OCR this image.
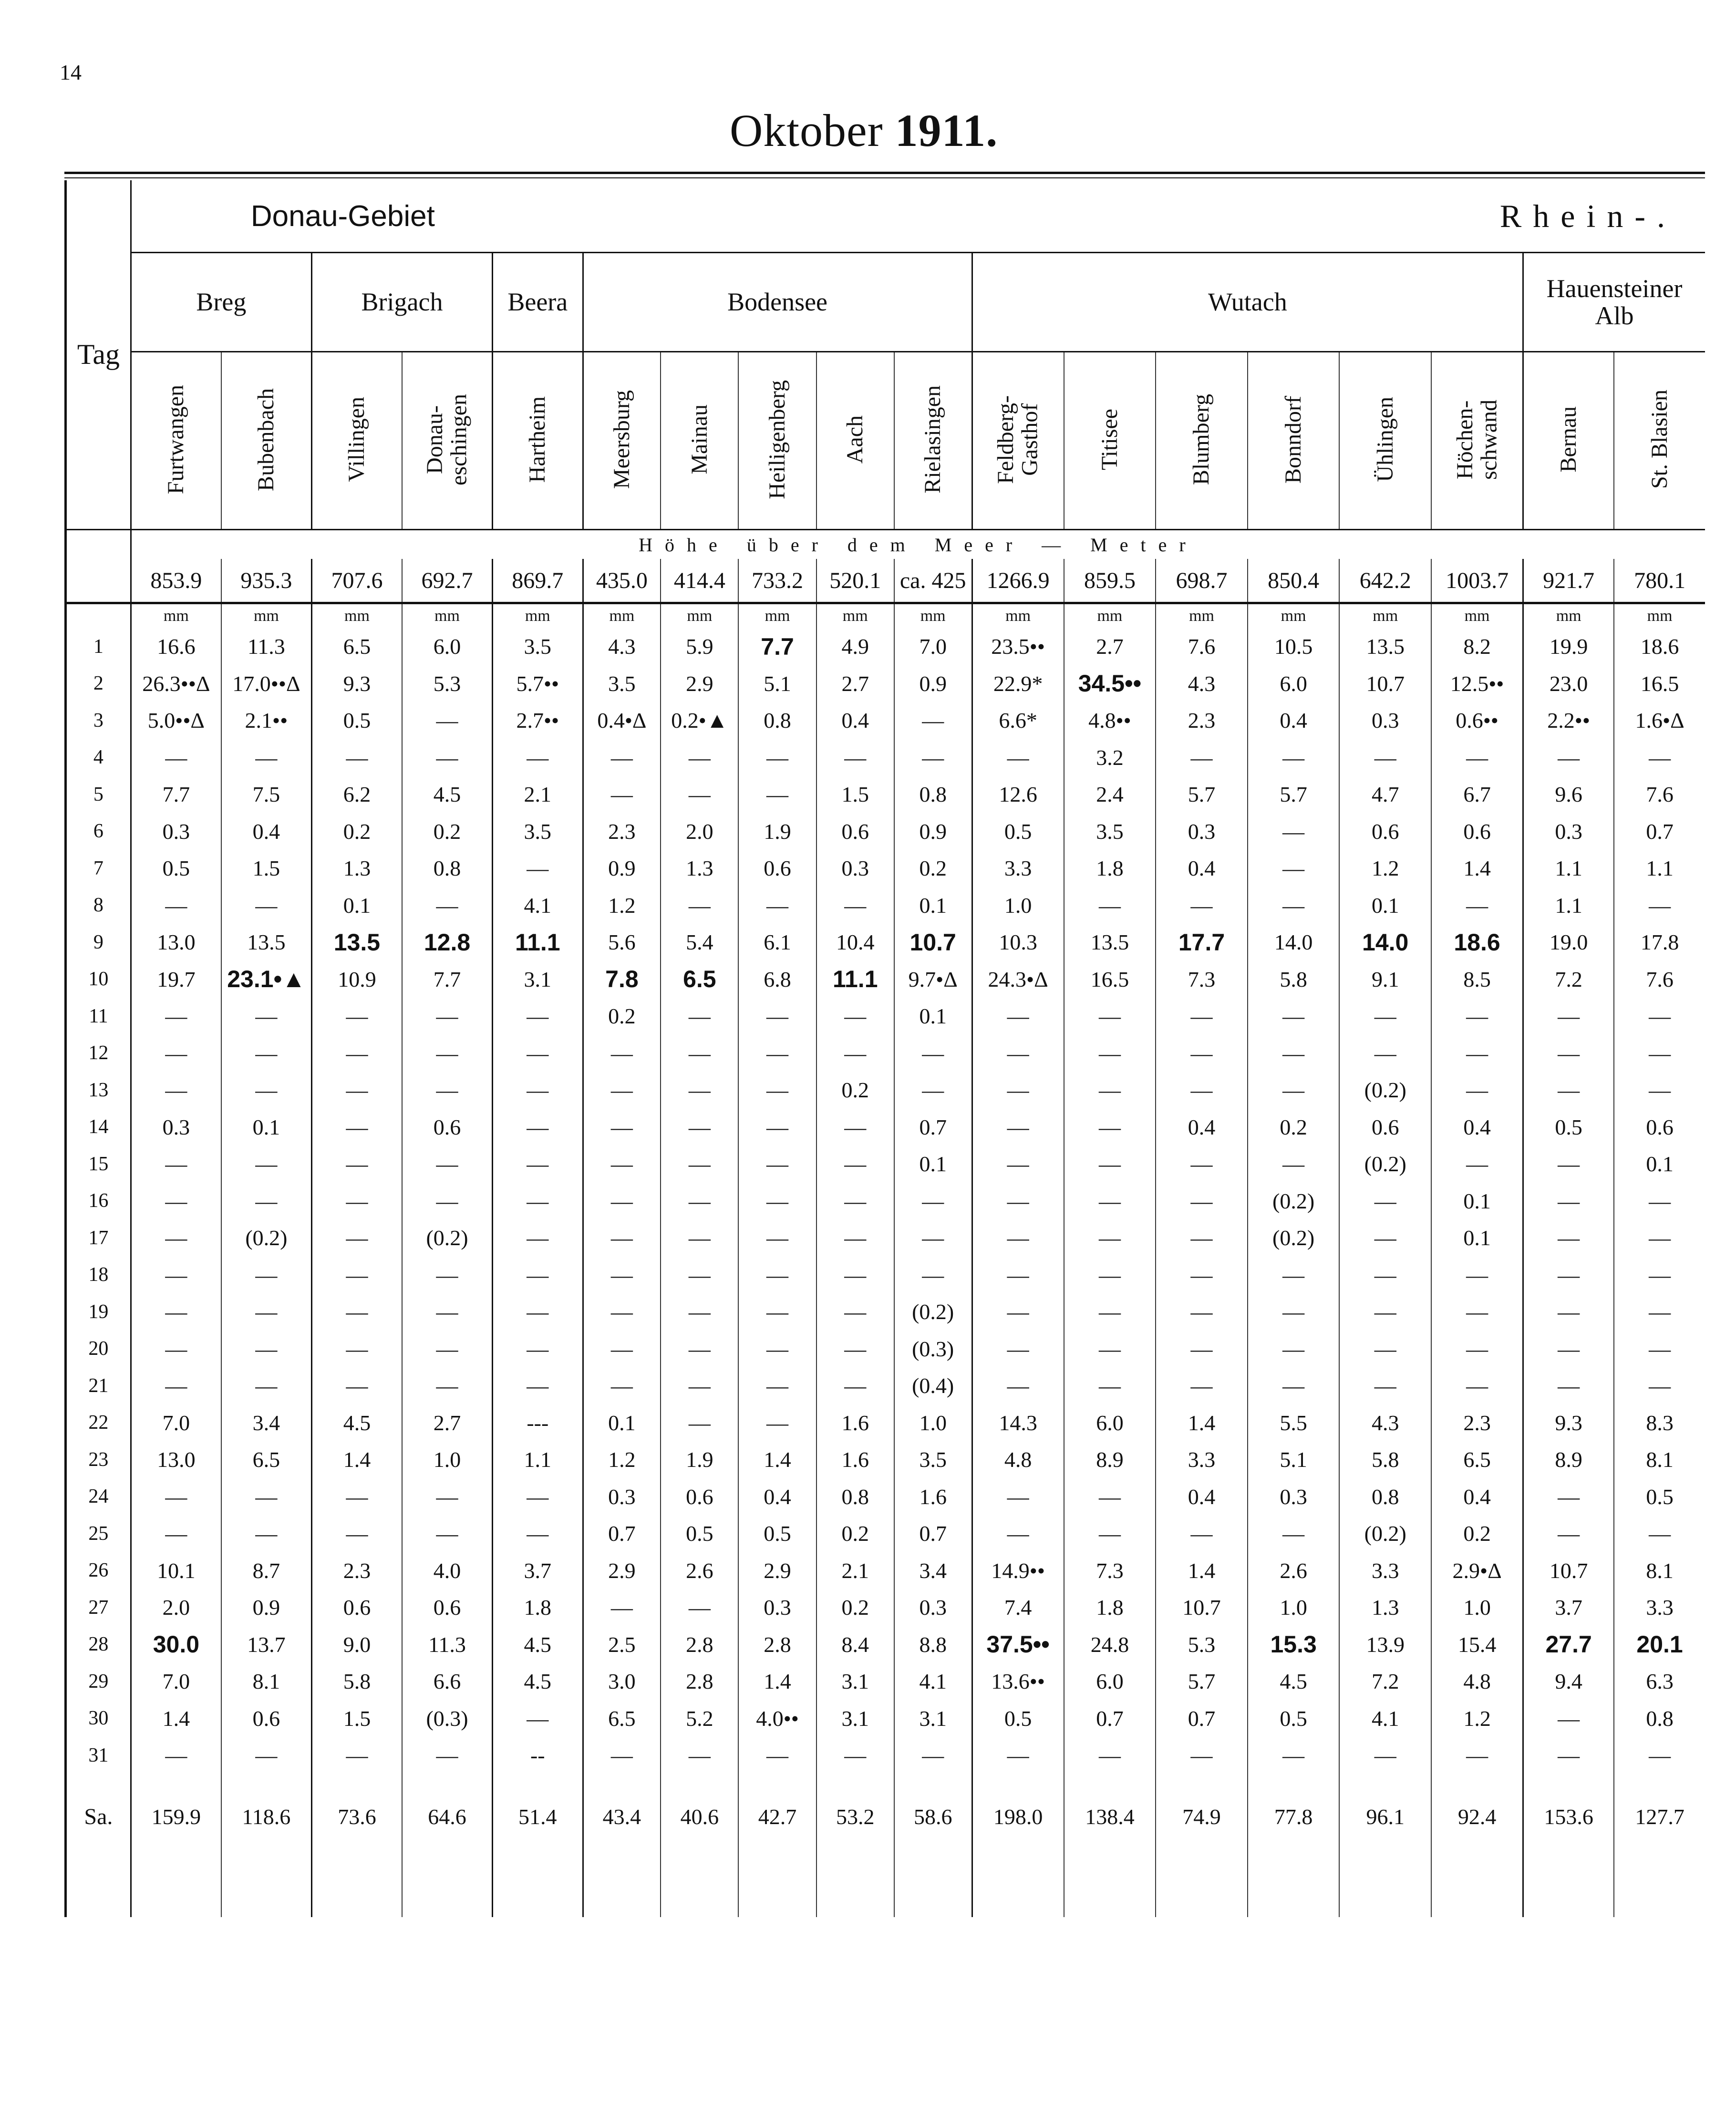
14
Oktober 1911.
Tag	Donau-Gebiet										Rhein-.							
	Breg		Brigach		Beera	Bodensee					Wutach						Hauensteiner Alb	
	Furtwangen	Bubenbach	Villingen	Donau-
eschingen	Hartheim	Meersburg	Mainau	Heiligenberg	Aach	Rielasingen	Feldberg-
Gasthof	Titisee	Blumberg	Bonndorf	Ühlingen	Höchen-
schwand	Bernau	St. Blasien
	Höhe über dem Meer — Meter																	
	853.9	935.3	707.6	692.7	869.7	435.0	414.4	733.2	520.1	ca. 425	1266.9	859.5	698.7	850.4	642.2	1003.7	921.7	780.1
	mm	mm	mm	mm	mm	mm	mm	mm	mm	mm	mm	mm	mm	mm	mm	mm	mm	mm
1	16.6	11.3	6.5	6.0	3.5	4.3	5.9	7.7	4.9	7.0	23.5••	2.7	7.6	10.5	13.5	8.2	19.9	18.6
2	26.3••Δ	17.0••Δ	9.3	5.3	5.7••	3.5	2.9	5.1	2.7	0.9	22.9*	34.5••	4.3	6.0	10.7	12.5••	23.0	16.5
3	5.0••Δ	2.1••	0.5	—	2.7••	0.4•Δ	0.2•▲	0.8	0.4	—	6.6*	4.8••	2.3	0.4	0.3	0.6••	2.2••	1.6•Δ
4	—	—	—	—	—	—	—	—	—	—	—	3.2	—	—	—	—	—	—
5	7.7	7.5	6.2	4.5	2.1	—	—	—	1.5	0.8	12.6	2.4	5.7	5.7	4.7	6.7	9.6	7.6
6	0.3	0.4	0.2	0.2	3.5	2.3	2.0	1.9	0.6	0.9	0.5	3.5	0.3	—	0.6	0.6	0.3	0.7
7	0.5	1.5	1.3	0.8	—	0.9	1.3	0.6	0.3	0.2	3.3	1.8	0.4	—	1.2	1.4	1.1	1.1
8	—	—	0.1	—	4.1	1.2	—	—	—	0.1	1.0	—	—	—	0.1	—	1.1	—
9	13.0	13.5	13.5	12.8	11.1	5.6	5.4	6.1	10.4	10.7	10.3	13.5	17.7	14.0	14.0	18.6	19.0	17.8
10	19.7	23.1•▲	10.9	7.7	3.1	7.8	6.5	6.8	11.1	9.7•Δ	24.3•Δ	16.5	7.3	5.8	9.1	8.5	7.2	7.6
11	—	—	—	—	—	0.2	—	—	—	0.1	—	—	—	—	—	—	—	—
12	—	—	—	—	—	—	—	—	—	—	—	—	—	—	—	—	—	—
13	—	—	—	—	—	—	—	—	0.2	—	—	—	—	—	(0.2)	—	—	—
14	0.3	0.1	—	0.6	—	—	—	—	—	0.7	—	—	0.4	0.2	0.6	0.4	0.5	0.6
15	—	—	—	—	—	—	—	—	—	0.1	—	—	—	—	(0.2)	—	—	0.1
16	—	—	—	—	—	—	—	—	—	—	—	—	—	(0.2)	—	0.1	—	—
17	—	(0.2)	—	(0.2)	—	—	—	—	—	—	—	—	—	(0.2)	—	0.1	—	—
18	—	—	—	—	—	—	—	—	—	—	—	—	—	—	—	—	—	—
19	—	—	—	—	—	—	—	—	—	(0.2)	—	—	—	—	—	—	—	—
20	—	—	—	—	—	—	—	—	—	(0.3)	—	—	—	—	—	—	—	—
21	—	—	—	—	—	—	—	—	—	(0.4)	—	—	—	—	—	—	—	—
22	7.0	3.4	4.5	2.7	---	0.1	—	—	1.6	1.0	14.3	6.0	1.4	5.5	4.3	2.3	9.3	8.3
23	13.0	6.5	1.4	1.0	1.1	1.2	1.9	1.4	1.6	3.5	4.8	8.9	3.3	5.1	5.8	6.5	8.9	8.1
24	—	—	—	—	—	0.3	0.6	0.4	0.8	1.6	—	—	0.4	0.3	0.8	0.4	—	0.5
25	—	—	—	—	—	0.7	0.5	0.5	0.2	0.7	—	—	—	—	(0.2)	0.2	—	—
26	10.1	8.7	2.3	4.0	3.7	2.9	2.6	2.9	2.1	3.4	14.9••	7.3	1.4	2.6	3.3	2.9•Δ	10.7	8.1
27	2.0	0.9	0.6	0.6	1.8	—	—	0.3	0.2	0.3	7.4	1.8	10.7	1.0	1.3	1.0	3.7	3.3
28	30.0	13.7	9.0	11.3	4.5	2.5	2.8	2.8	8.4	8.8	37.5••	24.8	5.3	15.3	13.9	15.4	27.7	20.1
29	7.0	8.1	5.8	6.6	4.5	3.0	2.8	1.4	3.1	4.1	13.6••	6.0	5.7	4.5	7.2	4.8	9.4	6.3
30	1.4	0.6	1.5	(0.3)	—	6.5	5.2	4.0••	3.1	3.1	0.5	0.7	0.7	0.5	4.1	1.2	—	0.8
31	—	—	—	—	--	—	—	—	—	—	—	—	—	—	—	—	—	—

Sa.	159.9	118.6	73.6	64.6	51.4	43.4	40.6	42.7	53.2	58.6	198.0	138.4	74.9	77.8	96.1	92.4	153.6	127.7
